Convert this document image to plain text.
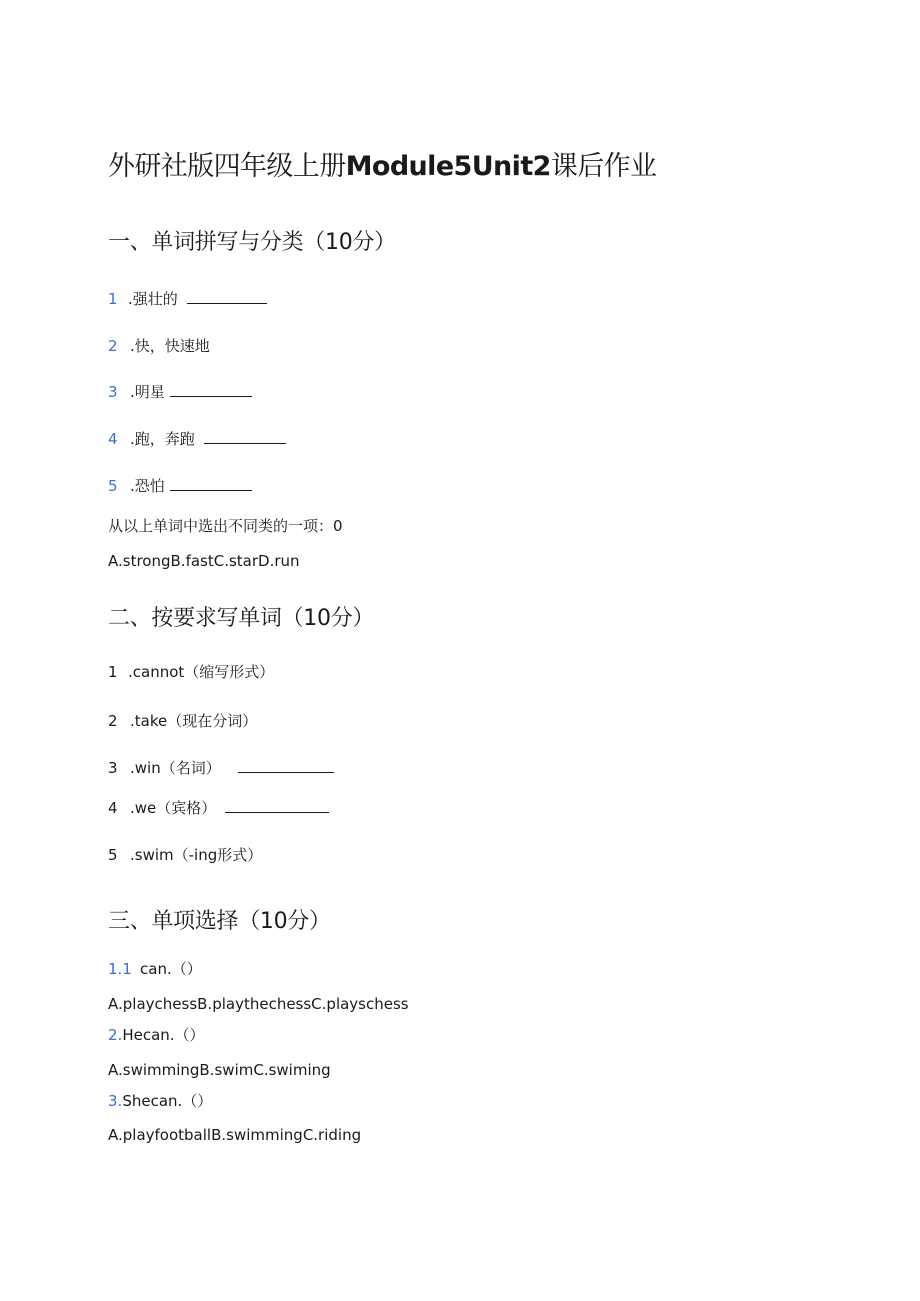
外研社版四年级上册Module5Unit2课后作业
一、单词拼写与分类（10分）
1 .强壮的
2 .快，快速地
3 .明星
4 .跑，奔跑
5 .恐怕
从以上单词中选出不同类的一项：0
A.strongB.fastC.starD.run
二、按要求写单词（10分）
1 .cannot（缩写形式）
2 .take（现在分词）
3 .win（名词）
4 .we（宾格）
5 .swim（-ing形式）
三、单项选择（10分）
1.1 can.（）
A.playchessB.playthechessC.playschess
2.Hecan.（）
A.swimmingB.swimC.swiming
3.Shecan.（）
A.playfootballB.swimmingC.riding
